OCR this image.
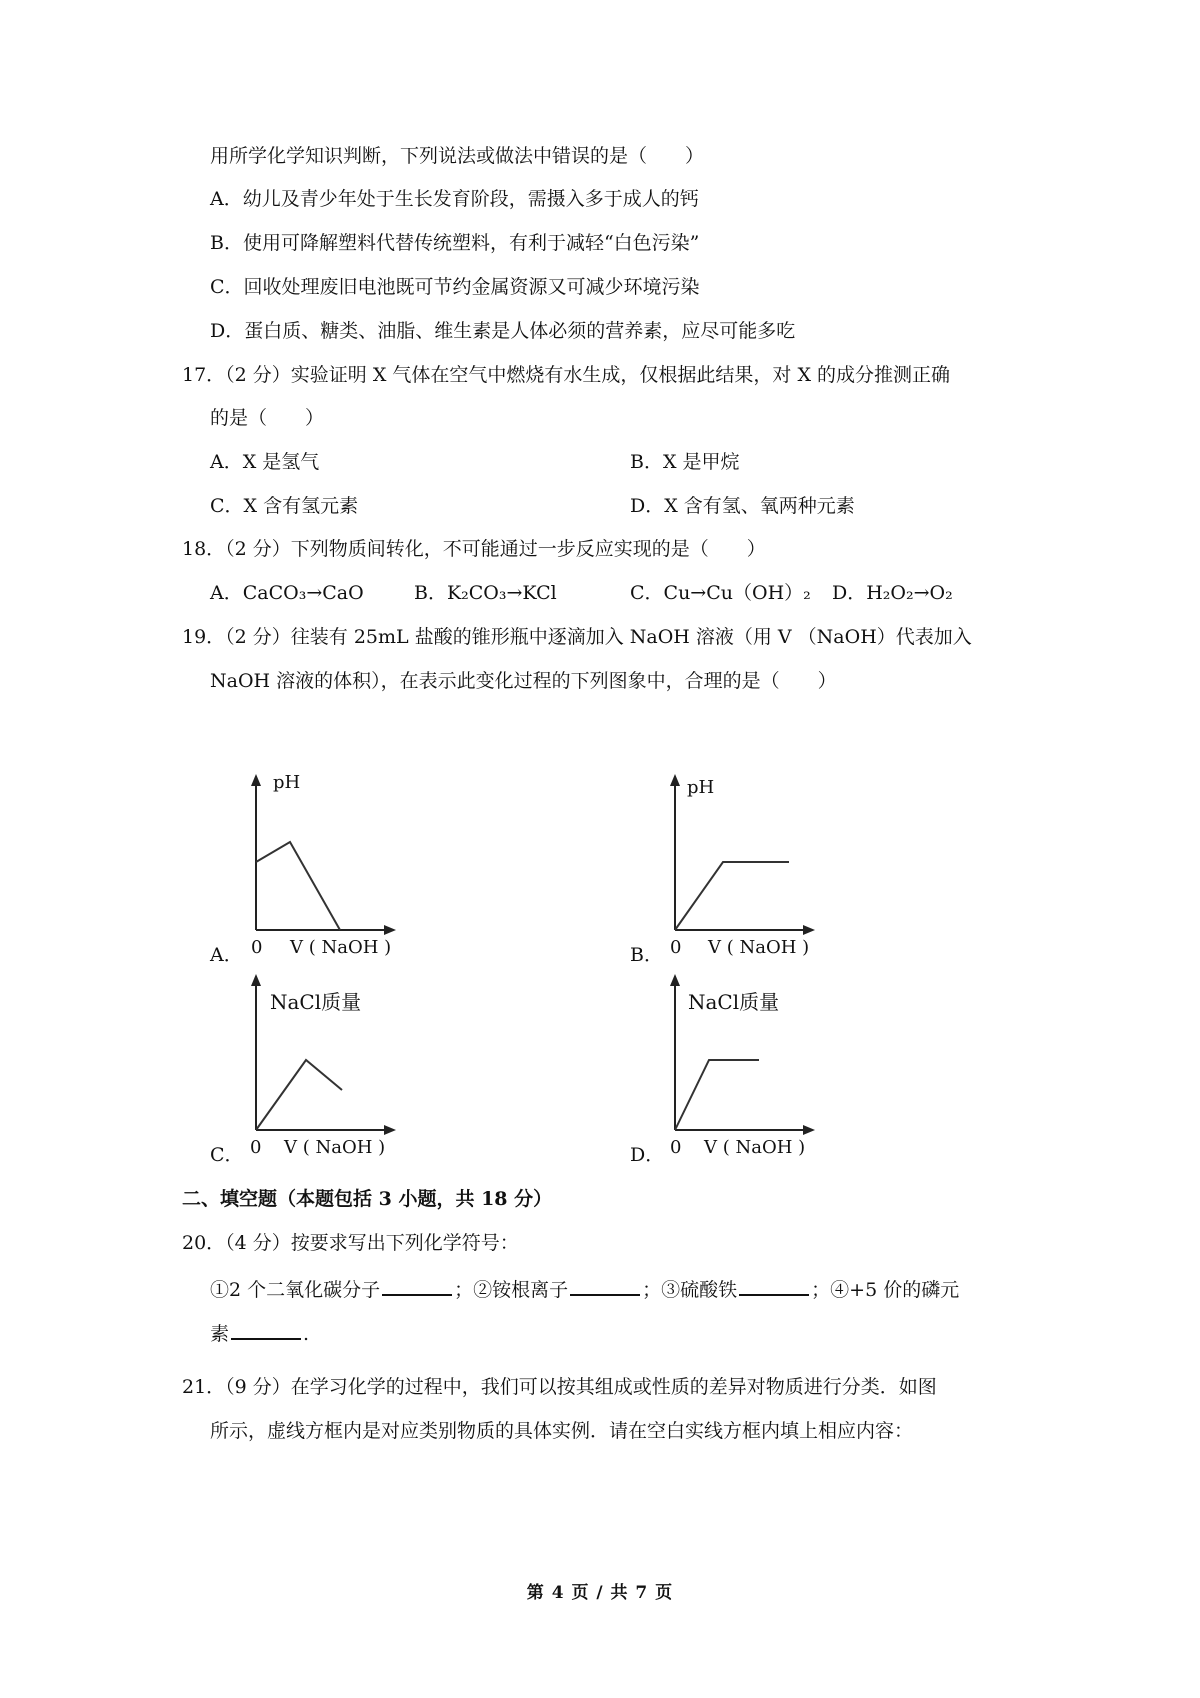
用所学化学知识判断，下列说法或做法中错误的是（　　）
A．幼儿及青少年处于生长发育阶段，需摄入多于成人的钙
B．使用可降解塑料代替传统塑料，有利于减轻“白色污染”
C．回收处理废旧电池既可节约金属资源又可减少环境污染
D．蛋白质、糖类、油脂、维生素是人体必须的营养素，应尽可能多吃
17．（2 分）实验证明 X 气体在空气中燃烧有水生成，仅根据此结果，对 X 的成分推测正确
的是（　　）
A．X 是氢气	B．X 是甲烷
C．X 含有氢元素	D．X 含有氢、氧两种元素
18．（2 分）下列物质间转化，不可能通过一步反应实现的是（　　）
A．CaCO₃→CaO	B．K₂CO₃→KCl	C．Cu→Cu（OH）₂ D．H₂O₂→O₂
19．（2 分）往装有 25mL 盐酸的锥形瓶中逐滴加入 NaOH 溶液（用 V （NaOH）代表加入
NaOH 溶液的体积），在表示此变化过程的下列图象中，合理的是（　　）
A．
pH
0 V ( NaOH )	B．
pH
0 V ( NaOH )
C．
NaCl质量
0 V ( NaOH )	D．
NaCl质量
0 V ( NaOH )
二、填空题（本题包括 3 小题，共 18 分）
20．（4 分）按要求写出下列化学符号：
①2 个二氧化碳分子	；②铵根离子	；③硫酸铁	；④+5 价的磷元
素	.
21．（9 分）在学习化学的过程中，我们可以按其组成或性质的差异对物质进行分类．如图
所示，虚线方框内是对应类别物质的具体实例．请在空白实线方框内填上相应内容：
第 4 页 / 共 7 页
